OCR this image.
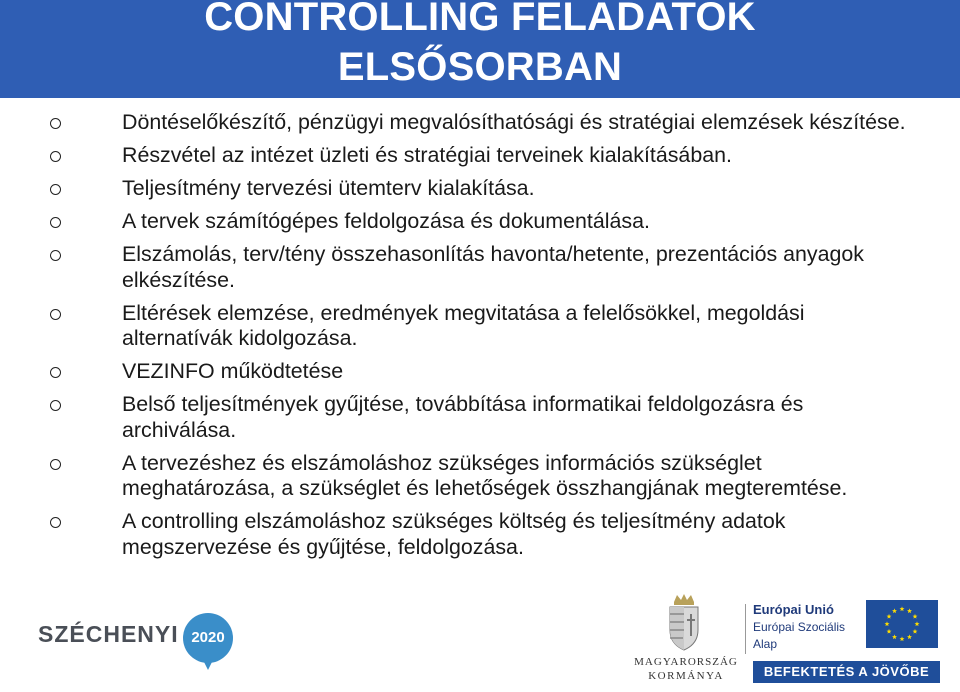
CONTROLLING FELADATOK
ELSŐSORBAN
Döntéselőkészítő, pénzügyi megvalósíthatósági és stratégiai elemzések készítése.
Részvétel az intézet üzleti és stratégiai terveinek kialakításában.
Teljesítmény tervezési ütemterv kialakítása.
A tervek számítógépes feldolgozása és dokumentálása.
Elszámolás, terv/tény összehasonlítás havonta/hetente, prezentációs anyagok elkészítése.
Eltérések elemzése, eredmények megvitatása a felelősökkel, megoldási alternatívák kidolgozása.
VEZINFO működtetése
Belső teljesítmények gyűjtése, továbbítása informatikai feldolgozásra és archiválása.
A tervezéshez és elszámoláshoz szükséges információs szükséglet meghatározása, a szükséglet és lehetőségek összhangjának megteremtése.
A controlling elszámoláshoz szükséges költség és teljesítmény adatok megszervezése és gyűjtése, feldolgozása.
SZÉCHENYI 2020
MAGYARORSZÁG
KORMÁNYA
Európai Unió
Európai Szociális
Alap
BEFEKTETÉS A JÖVŐBE
